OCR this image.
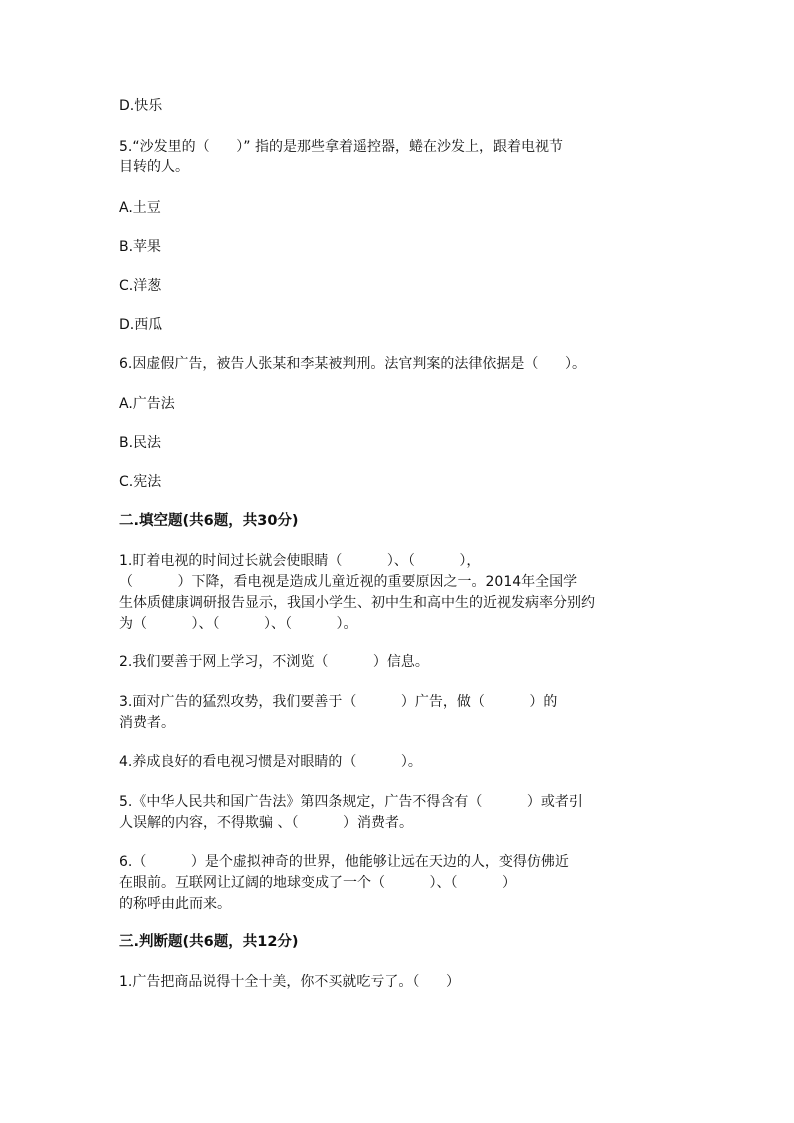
D.快乐
5.“沙发里的（      ）” 指的是那些拿着遥控器，蜷在沙发上，跟着电视节
目转的人。
A.土豆
B.苹果
C.洋葱
D.西瓜
6.因虚假广告，被告人张某和李某被判刑。法官判案的法律依据是（      ）。
A.广告法
B.民法
C.宪法
二.填空题(共6题，共30分)
1.盯着电视的时间过长就会使眼睛（          ）、（          ），
（          ）下降，看电视是造成儿童近视的重要原因之一。2014年全国学
生体质健康调研报告显示，我国小学生、初中生和高中生的近视发病率分别约
为（          ）、（          ）、（          ）。
2.我们要善于网上学习，不浏览（          ）信息。
3.面对广告的猛烈攻势，我们要善于（          ）广告，做（          ）的
消费者。
4.养成良好的看电视习惯是对眼睛的（          ）。
5.《中华人民共和国广告法》第四条规定，广告不得含有（          ）或者引
人误解的内容，不得欺骗 、（          ）消费者。
6.（          ）是个虚拟神奇的世界，他能够让远在天边的人，变得仿佛近
在眼前。互联网让辽阔的地球变成了一个（          ）、（          ）
的称呼由此而来。
三.判断题(共6题，共12分)
1.广告把商品说得十全十美，你不买就吃亏了。（      ）
